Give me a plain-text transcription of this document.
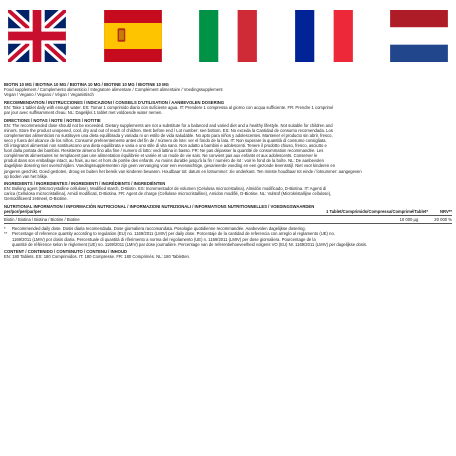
BIOTIN 10 MG / BIOTINA 10 MG / BIOTINA 10 MG / BIOTINE 10 MG / BIOTINE 10 MG

Food supplement / Complemento alimenticio / Integratore alimentare / Complément alimentaire / Voedingssupplement

Vegan / Vegano / Vegano / Végan / Veganistisch

RECOMMENDATION / INSTRUCCIONES / INDICAZIONI / CONSEILS D'UTILISATION / AANBEVOLEN DOSERING

EN: Take 1 tablet daily with enough water. ES: Tomar 1 comprimido diario con suficiente agua. IT: Prendere 1 compressa al giorno con acqua sufficiente. FR: Prendre 1 comprimé

par jour avec suffisamment d'eau. NL: Dagelijks 1 tablet met voldoende water nemen.

DIRECTIONS / NOTAS / NOTE / NOTES / NOTITIE

EN: The recommended dose should not be exceeded. Dietary supplements are not a substitute for a balanced and varied diet and a healthy lifestyle. Not suitable for children and

minors. Store the product unopened, cool, dry and out of reach of children. Best before end / Lot number: see bottom. ES: No exceda la Cantidad de consumo recomendada. Los

complementos alimenticios no sustituyen una dieta equilibrada y variada ni un estilo de vida saludable. No apto para niños y adolescentes. Mantener el producto sin abrir, fresco,

seco y fuera del alcance de los niños. Consumir preferentemente antes del fin de / número de lote: ver el fondo de la lata. IT: Non superare la quantità di consumo consigliata.

Gli integratori alimentari non sostituiscono una dieta equilibrata e varia e uno stile di vita sano. Non adatto a bambini e adolescenti. Tenere il prodotto chiuso, fresco, asciutto e

fuori dalla portata dei bambini. Resistente almeno fino alla fine / numero di lotto: vedi lattina in basso. FR: Ne pas dépasser la quantité de consommation recommandée. Les

compléments alimentaires ne remplacent pas une alimentation équilibrée et variée et un mode de vie sain. Ne convient pas aux enfants et aux adolescents. Conserver le

produit dans son emballage intact, au frais, au sec et hors de portée des enfants. Au moins durable jusqu'à la fin / numéro de lot : voir le fond de la boîte. NL: De aanbevolen

dagelijkse dosering niet overschrijden. Voedingssupplementen zijn geen vervanging voor een evenwichtige, gevarieerde voeding en een gezonde levensstijl. Niet voor kinderen en

jongeren geschikt. Goed gesloten, droog en buiten het bereik van kinderen bewaren. Houdbaar tot: datum en lotnummer: zie onderkant. Ten minste houdbaar tot einde / lotnummer: aangegeven

op boden van het blikje.

INGREDIENTS / INGREDIENTES / INGREDIENTI / INGRÉDIENTS / INGREDIËNTEN

EN: Bulking agent (Microcrystalline cellulose), Modified starch, D-Biotin. ES: Incrementador de volumen (Celulosa microcristalina), Almidón modificado, D-Biotina. IT: Agenti di

carica (Cellulosa microcristallina), Amidi modificati, D-Biotina. FR: Agent de charge (Cellulose microcristalline), Amidon modifié, D-Biotine. NL: Vulstof (Microkristallijne cellulose),

Gemodificeerd zetmeel, D-Biotine.

NUTRITIONAL INFORMATION / INFORMACIÓN NUTRICIONAL / INFORMAZIONI NUTRIZIONALI / INFORMATIONS NUTRITIONNELLES / VOEDINGSWAARDEN

per/por/per/par/per	1 Tablet/Comprimido/Compressa/Comprimé/Tablet*	NRV**
Biotin / Biotina / Biotina / Biotine / Biotine	10 000 µg	20 000 %
*	Recommended daily dose. Dosis diaria recomendada. Dose giornaliera raccomandata. Posologie quotidienne recommandée. Aanbevolen dagelijkse dosering.
**	Percentage of reference quantity according to regulation (EU) no. 1169/2011 (LMIV) per daily dose. Porcentaje de la cantidad de referencia con arreglo al reglamento (UE) no.
1169/2011 (LMIV) por dosis diaria. Percentuale di quantità di riferimento a norma del regolamento (UE) n. 1169/2011 (LMIV) per dose giornaliera. Pourcentage de la
quantité de référence selon le règlement (UE) no. 1169/2011 (LMIV) par dose journalière. Percentage van de referentiehoeveelheid volgens VO (EU) Nr. 1169/2011 (LMIV) per dagelijkse dosis.

CONTENT / CONTENIDO / CONTENUTO / CONTENU / INHOUD

EN: 180 Tablets. ES: 180 Comprimidos. IT: 180 Compresse. FR: 180 Comprimés. NL: 180 Tabletten.
